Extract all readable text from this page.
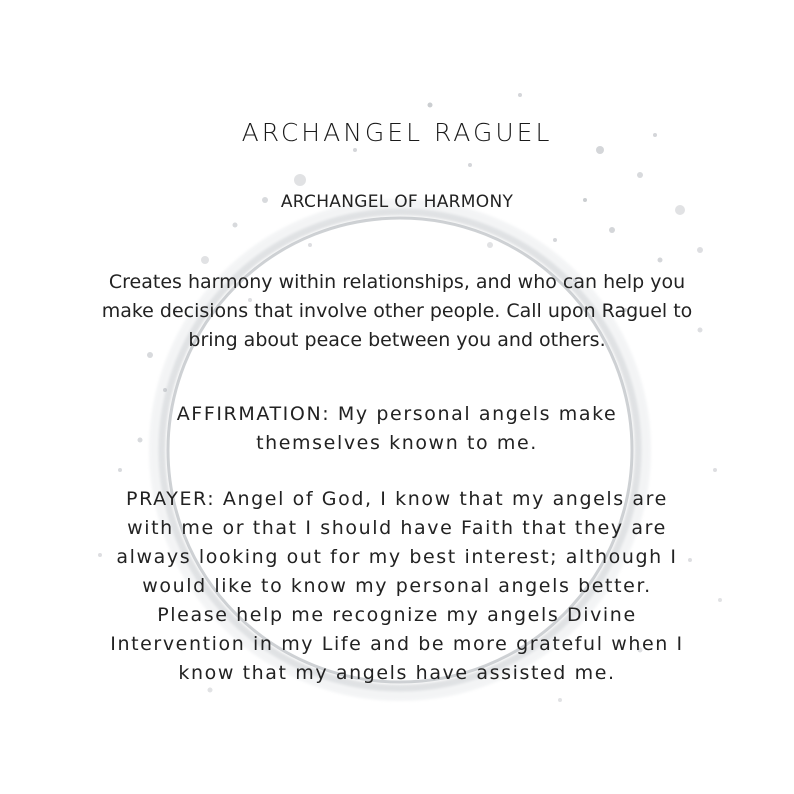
ARCHANGEL RAGUEL
ARCHANGEL OF HARMONY
Creates harmony within relationships, and who can help you
make decisions that involve other people. Call upon Raguel to
bring about peace between you and others.
AFFIRMATION: My personal angels make
themselves known to me.
PRAYER: Angel of God, I know that my angels are
with me or that I should have Faith that they are
always looking out for my best interest; although I
would like to know my personal angels better.
Please help me recognize my angels Divine
Intervention in my Life and be more grateful when I
know that my angels have assisted me.
